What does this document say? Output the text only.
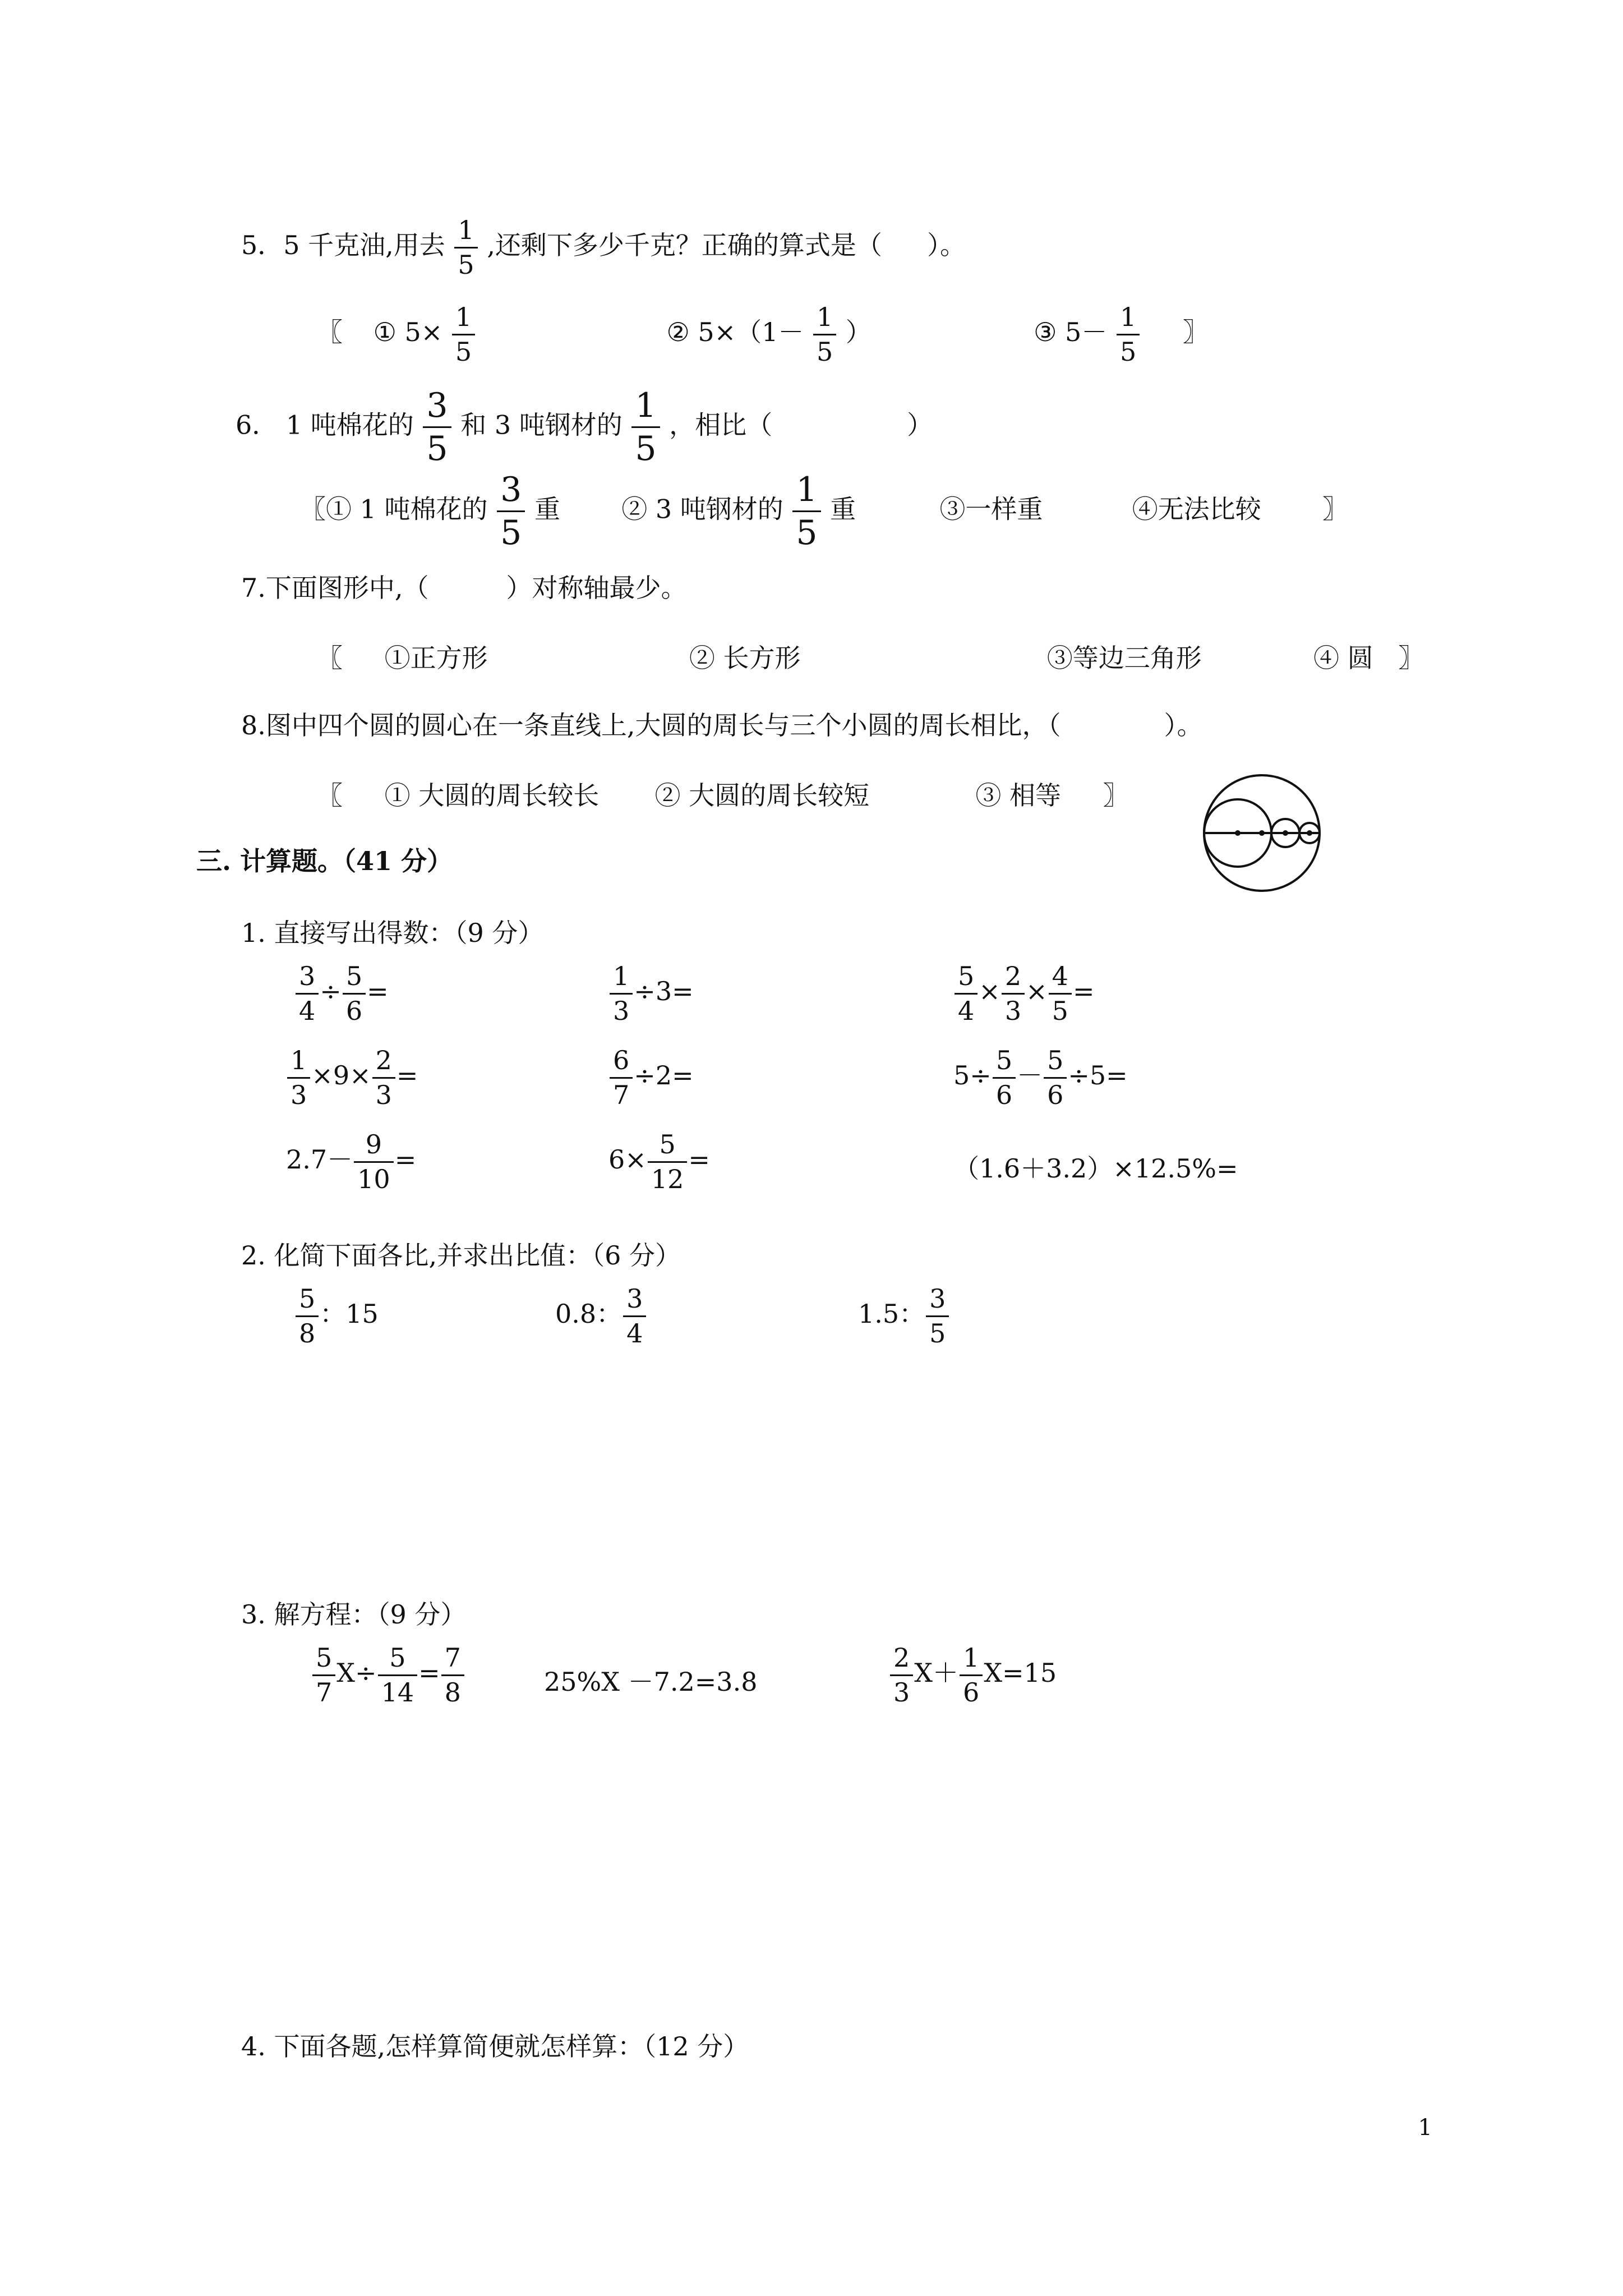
5．5 千克油,用去 $\frac{1}{5}$ ,还剩下多少千克？正确的算式是（ ）。
〖 ① $5\times \frac{1}{5}$	② $5\times(1- \frac{1}{5}$ ）	③ $5- \frac{1}{5}$ 〗
6． 1 吨棉花的 $\frac{3}{5}$ 和 3 吨钢材的 $\frac{1}{5}$ ，相比（	）
〖① 1 吨棉花的 $\frac{3}{5}$ 重 ② 3 吨钢材的 $\frac{1}{5}$ 重	③一样重	④无法比较 〗
7.下面图形中,（　　　）对称轴最少。
〖 ①正方形	② 长方形	③等边三角形	④ 圆 〗
8.图中四个圆的圆心在一条直线上,大圆的周长与三个小圆的周长相比，（　　　　）。
〖 ① 大圆的周长较长 ② 大圆的周长较短	③ 相等 〗
三. 计算题。（41 分）
1. 直接写出得数：（9 分）
$\frac{3}{4} \div \frac{5}{6}$ =	$\frac{1}{3} \div 3=$	$\frac{5}{4} \times \frac{2}{3} \times \frac{4}{5}$ =
$\frac{1}{3} \times 9\times \frac{2}{3}$ =	$\frac{6}{7} \div 2=$	$5\div \frac{5}{6} - \frac{5}{6} \div 5=$
$2.7- \frac{9}{10}$ =	$6\times \frac{5}{12}$ =	（1.6＋3.2）×12.5%=
2. 化简下面各比,并求出比值：（6 分）
$\frac{5}{8}$ ：15	0.8： $\frac{3}{4}$	1.5： $\frac{3}{5}$
3. 解方程：（9 分）
$\frac{5}{7} X\div \frac{5}{14} = \frac{7}{8}$	25%X －7.2=3.8	$\frac{2}{3} X+ \frac{1}{6} X=15$
4. 下面各题,怎样算简便就怎样算：（12 分）
1
